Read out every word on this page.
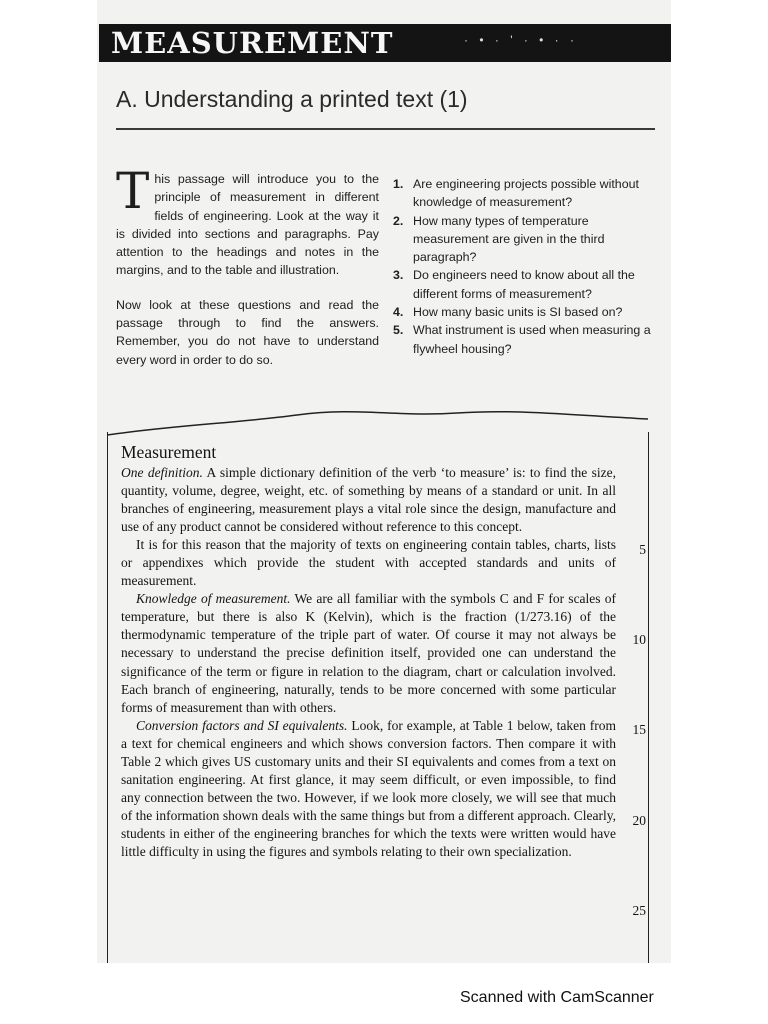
MEASUREMENT	· • · ' · • · ·
A. Understanding a printed text (1)

This passage will introduce you to the principle of measurement in different fields of engineering. Look at the way it is divided into sections and paragraphs. Pay attention to the headings and notes in the margins, and to the table and illustration.

Now look at these questions and read the passage through to find the answers. Remember, you do not have to understand every word in order to do so.

1. Are engineering projects possible without knowledge of measurement?
2. How many types of temperature measurement are given in the third paragraph?
3. Do engineers need to know about all the different forms of measurement?
4. How many basic units is SI based on?
5. What instrument is used when measuring a flywheel housing?
Measurement

One definition. A simple dictionary definition of the verb ‘to measure’ is: to find the size, quantity, volume, degree, weight, etc. of something by means of a standard or unit. In all branches of engineering, measurement plays a vital role since the design, manufacture and use of any product cannot be considered without reference to this concept.

It is for this reason that the majority of texts on engineering contain tables, charts, lists or appendixes which provide the student with accepted standards and units of measurement.

Knowledge of measurement. We are all familiar with the symbols C and F for scales of temperature, but there is also K (Kelvin), which is the fraction (1/273.16) of the thermodynamic temperature of the triple part of water. Of course it may not always be necessary to understand the precise definition itself, provided one can understand the significance of the term or figure in relation to the diagram, chart or calculation involved. Each branch of engineering, naturally, tends to be more concerned with some particular forms of measurement than with others.

Conversion factors and SI equivalents. Look, for example, at Table 1 below, taken from a text for chemical engineers and which shows conversion factors. Then compare it with Table 2 which gives US customary units and their SI equivalents and comes from a text on sanitation engineering. At first glance, it may seem difficult, or even impossible, to find any connection between the two. However, if we look more closely, we will see that much of the information shown deals with the same things but from a different approach. Clearly, students in either of the engineering branches for which the texts were written would have little difficulty in using the figures and symbols relating to their own specialization.

5
10
15
20
25
Scanned with CamScanner
